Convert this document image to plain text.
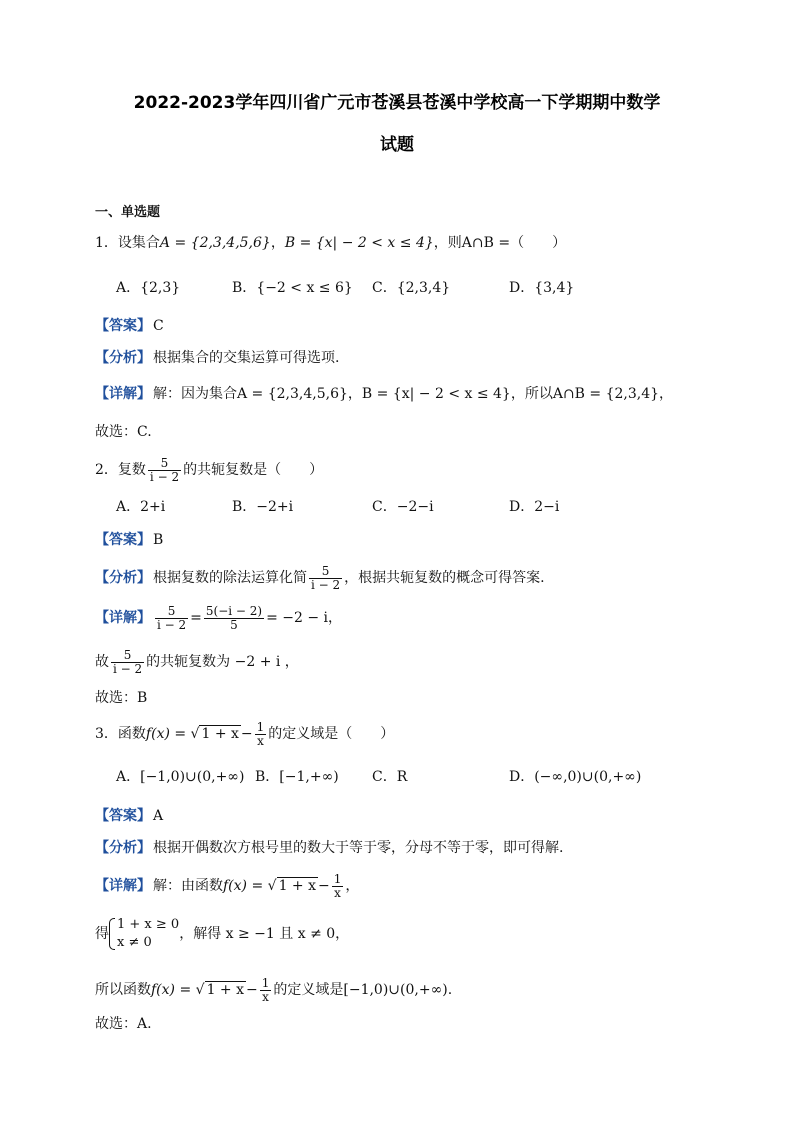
2022-2023学年四川省广元市苍溪县苍溪中学校高一下学期期中数学
试题
一、单选题
1．设集合A = {2,3,4,5,6}，B = {x| − 2 < x ≤ 4}，则A∩B =（　　）
A．{2,3}	B．{−2 < x ≤ 6} C．{2,3,4}	D．{3,4}
【答案】 C
【分析】 根据集合的交集运算可得选项.
【详解】 解：因为集合A = {2,3,4,5,6}，B = {x| − 2 < x ≤ 4}，所以A∩B = {2,3,4}，
故选：C.
2．复数 $\frac{5}{i - 2}$ 的共轭复数是（　　）
A．2+i	B．−2+i	C．−2−i	D．2−i
【答案】 B
【分析】 根据复数的除法运算化简 $\frac{5}{i - 2}$ ，根据共轭复数的概念可得答案.
【详解】 $\frac{5}{i - 2} = \frac{5(-i - 2)}{5} = -2 - i$，
故 $\frac{5}{i - 2}$ 的共轭复数为 −2 + i ，
故选：B
3．函数f(x) = √ $1 + x - \frac{1}{x}$ 的定义域是（　　）
A．[−1,0)∪(0,+∞) B．[−1,+∞) C．R	D．(−∞,0)∪(0,+∞)
【答案】 A
【分析】 根据开偶数次方根号里的数大于等于零，分母不等于零，即可得解.
【详解】 解：由函数f(x) = √ $1 + x - \frac{1}{x}$ ，
得
1 + x ≥ 0
x ≠ 0
，解得 x ≥ −1 且 x ≠ 0，
所以函数f(x) = √ $1 + x - \frac{1}{x}$ 的定义域是[−1,0)∪(0,+∞).
故选：A.
